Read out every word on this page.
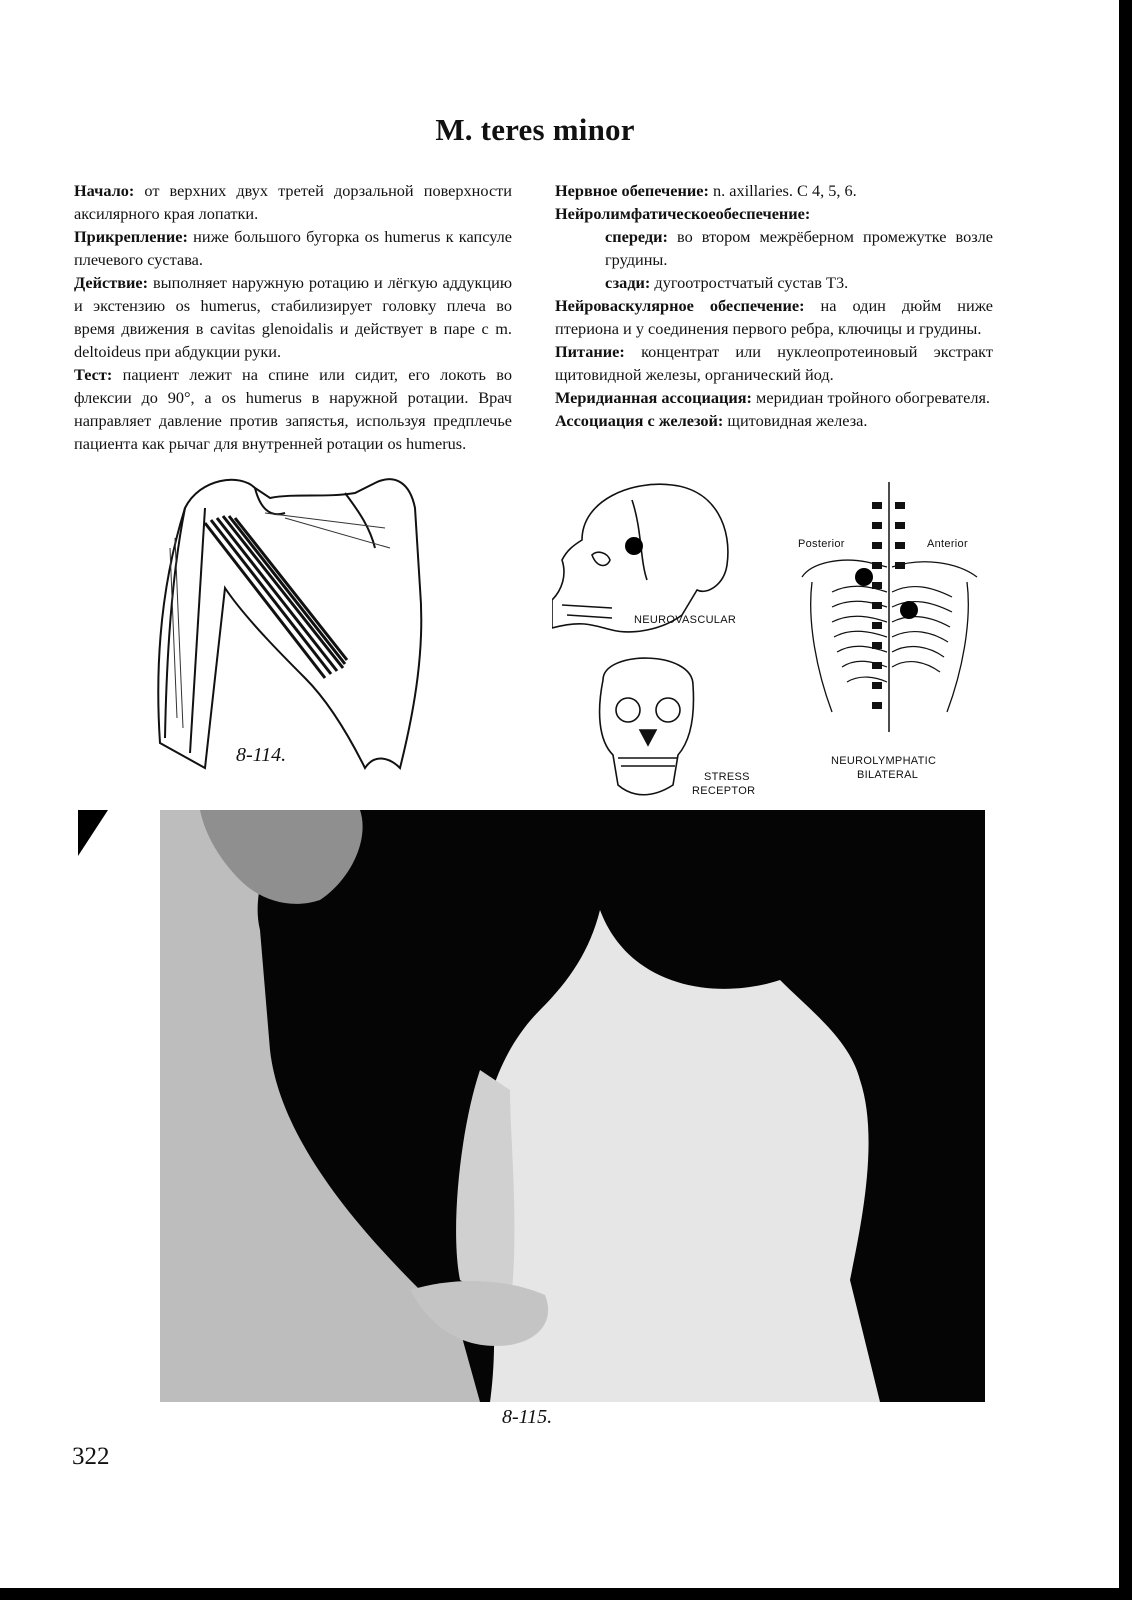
M. teres minor

Начало: от верхних двух третей дорзальной поверхности аксилярного края лопатки.

Прикрепление: ниже большого бугорка os humerus к капсуле плечевого сустава.

Действие: выполняет наружную ротацию и лёгкую аддукцию и экстензию os humerus, стабилизирует головку плеча во время движения в cavitas glenoidalis и действует в паре с m. deltoideus при абдукции руки.

Тест: пациент лежит на спине или сидит, его локоть во флексии до 90°, а os humerus в наружной ротации. Врач направляет давление против запястья, используя предплечье пациента как рычаг для внутренней ротации os humerus.

Нервное обепечение: n. axillaries. С 4, 5, 6.

Нейролимфатическоеобеспечение:

спереди: во втором межрёберном промежутке возле грудины.

сзади: дугоотростчатый сустав Т3.

Нейроваскулярное обеспечение: на один дюйм ниже птериона и у соединения первого ребра, ключицы и грудины.

Питание: концентрат или нуклеопротеиновый экстракт щитовидной железы, органический йод.

Меридианная ассоциация: меридиан тройного обогревателя.

Ассоциация с железой: щитовидная железа.

8-114.
NEUROVASCULAR
STRESS
RECEPTOR
Posterior	Anterior
NEUROLYMPHATIC
BILATERAL
8-115.
322
